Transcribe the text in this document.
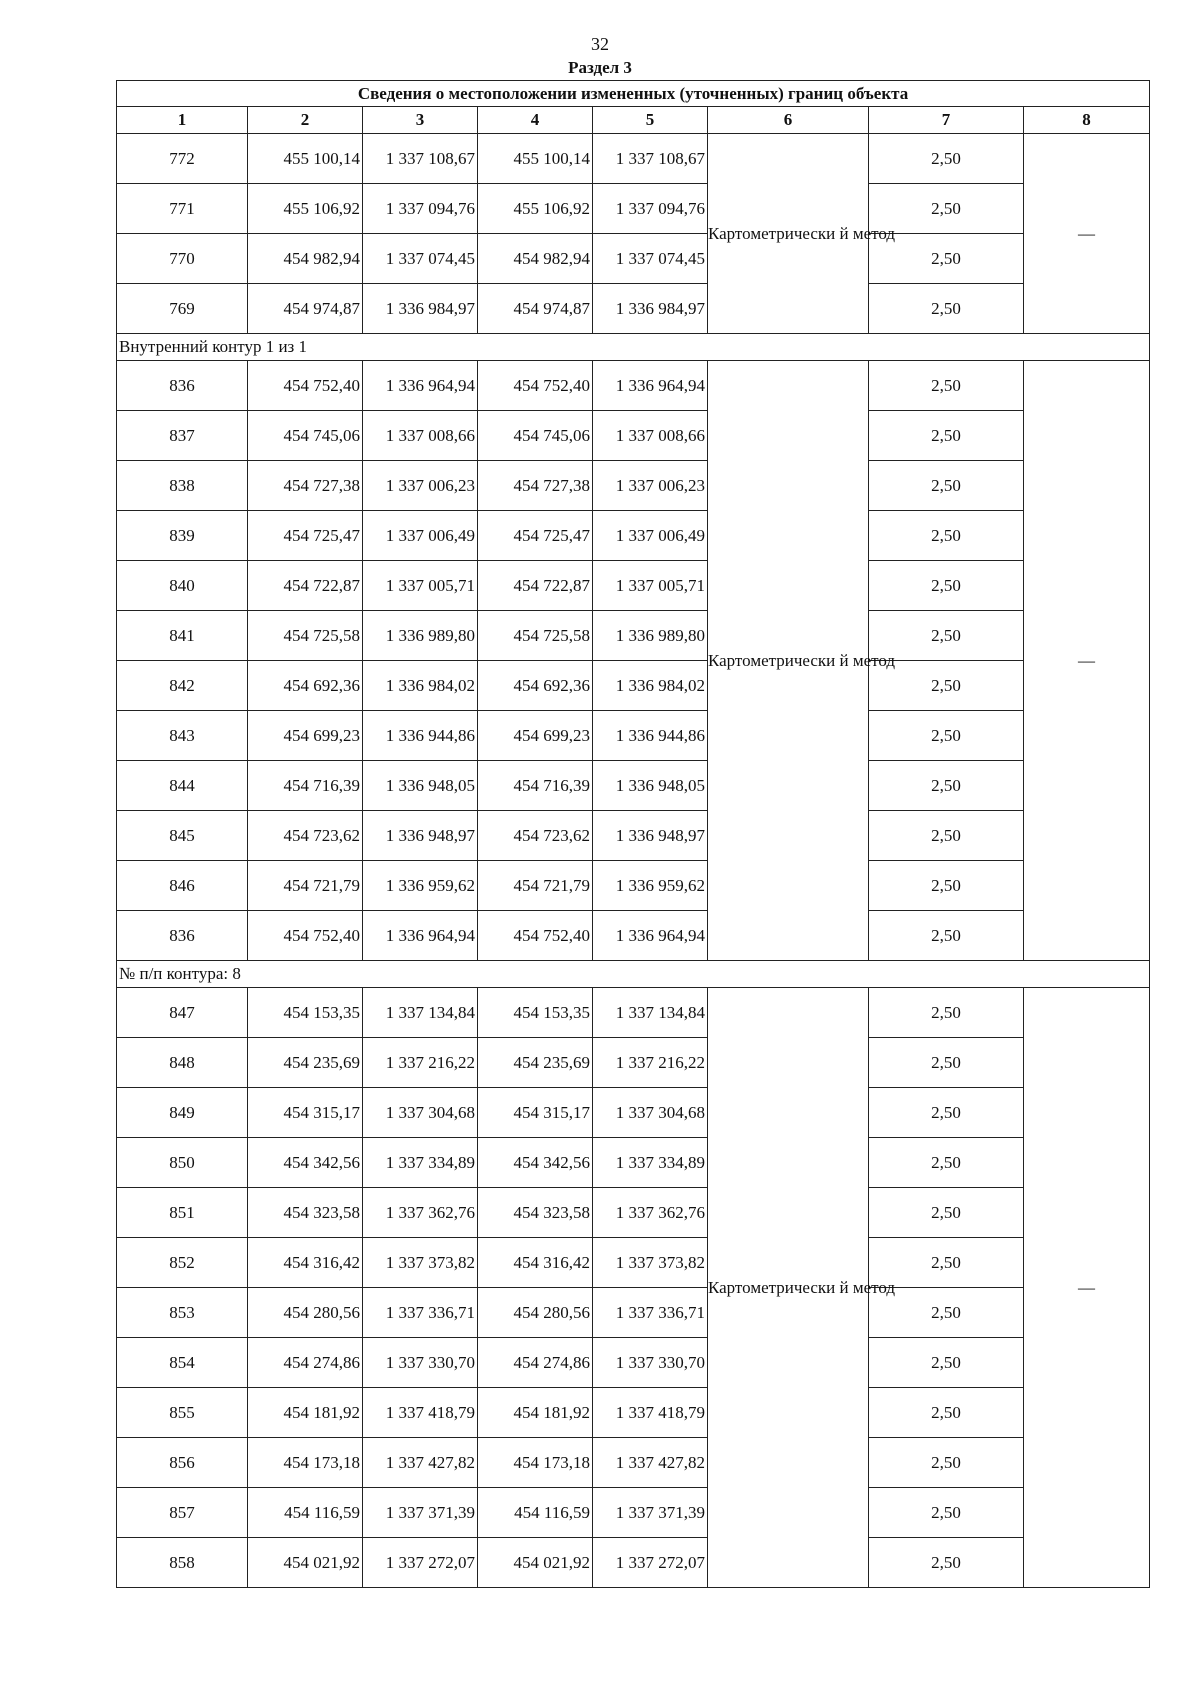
32
Раздел 3
Сведения о местоположении измененных (уточненных) границ объекта							
1	2	3	4	5	6	7	8
772	455 100,14	1 337 108,67	455 100,14	1 337 108,67	Картометрически й метод	2,50	—
771	455 106,92	1 337 094,76	455 106,92	1 337 094,76		2,50	
770	454 982,94	1 337 074,45	454 982,94	1 337 074,45		2,50	
769	454 974,87	1 336 984,97	454 974,87	1 336 984,97		2,50	
Внутренний контур 1 из 1							
836	454 752,40	1 336 964,94	454 752,40	1 336 964,94	Картометрически й метод	2,50	—
837	454 745,06	1 337 008,66	454 745,06	1 337 008,66		2,50	
838	454 727,38	1 337 006,23	454 727,38	1 337 006,23		2,50	
839	454 725,47	1 337 006,49	454 725,47	1 337 006,49		2,50	
840	454 722,87	1 337 005,71	454 722,87	1 337 005,71		2,50	
841	454 725,58	1 336 989,80	454 725,58	1 336 989,80		2,50	
842	454 692,36	1 336 984,02	454 692,36	1 336 984,02		2,50	
843	454 699,23	1 336 944,86	454 699,23	1 336 944,86		2,50	
844	454 716,39	1 336 948,05	454 716,39	1 336 948,05		2,50	
845	454 723,62	1 336 948,97	454 723,62	1 336 948,97		2,50	
846	454 721,79	1 336 959,62	454 721,79	1 336 959,62		2,50	
836	454 752,40	1 336 964,94	454 752,40	1 336 964,94		2,50	
№ п/п контура: 8							
847	454 153,35	1 337 134,84	454 153,35	1 337 134,84	Картометрически й метод	2,50	—
848	454 235,69	1 337 216,22	454 235,69	1 337 216,22		2,50	
849	454 315,17	1 337 304,68	454 315,17	1 337 304,68		2,50	
850	454 342,56	1 337 334,89	454 342,56	1 337 334,89		2,50	
851	454 323,58	1 337 362,76	454 323,58	1 337 362,76		2,50	
852	454 316,42	1 337 373,82	454 316,42	1 337 373,82		2,50	
853	454 280,56	1 337 336,71	454 280,56	1 337 336,71		2,50	
854	454 274,86	1 337 330,70	454 274,86	1 337 330,70		2,50	
855	454 181,92	1 337 418,79	454 181,92	1 337 418,79		2,50	
856	454 173,18	1 337 427,82	454 173,18	1 337 427,82		2,50	
857	454 116,59	1 337 371,39	454 116,59	1 337 371,39		2,50	
858	454 021,92	1 337 272,07	454 021,92	1 337 272,07		2,50	
